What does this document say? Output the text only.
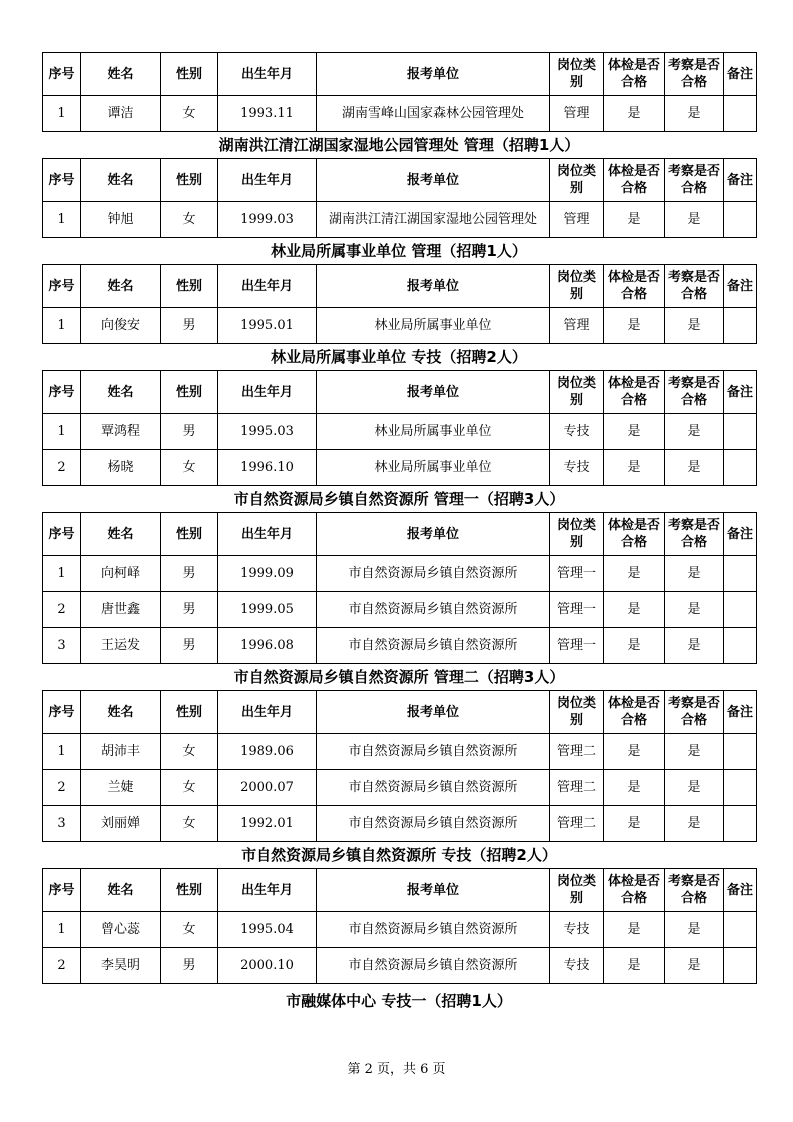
序号	姓名	性别	出生年月	报考单位	岗位类别	体检是否合格	考察是否合格	备注
1	谭洁	女	1993.11	湖南雪峰山国家森林公园管理处	管理	是	是	
湖南洪江清江湖国家湿地公园管理处 管理（招聘1人）
序号	姓名	性别	出生年月	报考单位	岗位类别	体检是否合格	考察是否合格	备注
1	钟旭	女	1999.03	湖南洪江清江湖国家湿地公园管理处	管理	是	是	
林业局所属事业单位 管理（招聘1人）
序号	姓名	性别	出生年月	报考单位	岗位类别	体检是否合格	考察是否合格	备注
1	向俊安	男	1995.01	林业局所属事业单位	管理	是	是	
林业局所属事业单位 专技（招聘2人）
序号	姓名	性别	出生年月	报考单位	岗位类别	体检是否合格	考察是否合格	备注
1	覃鸿程	男	1995.03	林业局所属事业单位	专技	是	是	
2	杨晓	女	1996.10	林业局所属事业单位	专技	是	是	
市自然资源局乡镇自然资源所 管理一（招聘3人）
序号	姓名	性别	出生年月	报考单位	岗位类别	体检是否合格	考察是否合格	备注
1	向柯峄	男	1999.09	市自然资源局乡镇自然资源所	管理一	是	是	
2	唐世鑫	男	1999.05	市自然资源局乡镇自然资源所	管理一	是	是	
3	王运发	男	1996.08	市自然资源局乡镇自然资源所	管理一	是	是	
市自然资源局乡镇自然资源所 管理二（招聘3人）
序号	姓名	性别	出生年月	报考单位	岗位类别	体检是否合格	考察是否合格	备注
1	胡沛丰	女	1989.06	市自然资源局乡镇自然资源所	管理二	是	是	
2	兰婕	女	2000.07	市自然资源局乡镇自然资源所	管理二	是	是	
3	刘丽婵	女	1992.01	市自然资源局乡镇自然资源所	管理二	是	是	
市自然资源局乡镇自然资源所 专技（招聘2人）
序号	姓名	性别	出生年月	报考单位	岗位类别	体检是否合格	考察是否合格	备注
1	曾心蕊	女	1995.04	市自然资源局乡镇自然资源所	专技	是	是	
2	李昊明	男	2000.10	市自然资源局乡镇自然资源所	专技	是	是	
市融媒体中心 专技一（招聘1人）
第 2 页，共 6 页
